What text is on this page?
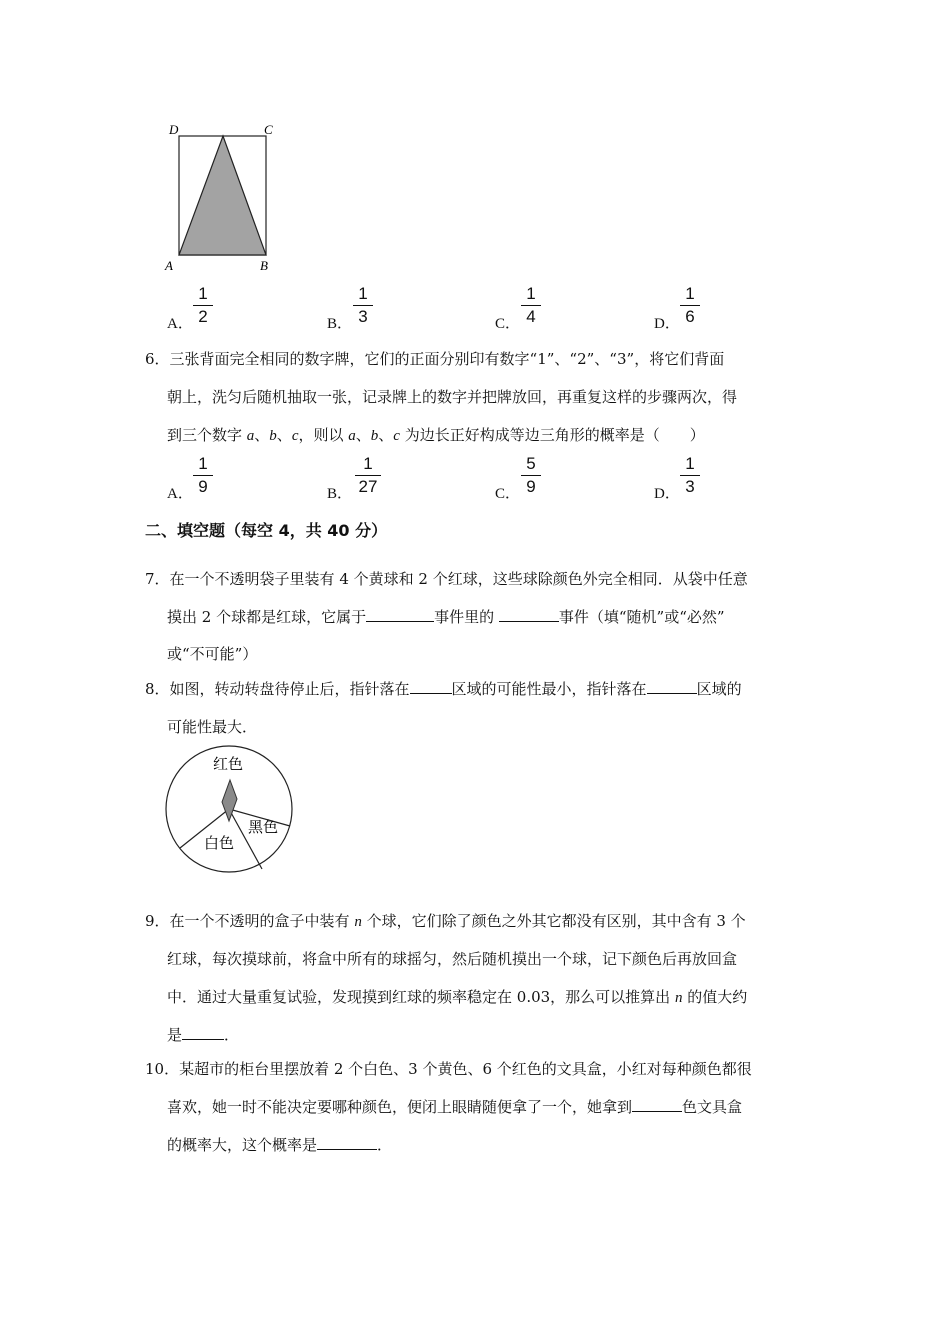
D	C
A	B
A．
1
2	B．
1
3	C．
1
4	D．
1
6
6．三张背面完全相同的数字牌，它们的正面分别印有数字“1”、“2”、“3”，将它们背面
朝上，洗匀后随机抽取一张，记录牌上的数字并把牌放回，再重复这样的步骤两次，得
到三个数字 a、b、c，则以 a、b、c 为边长正好构成等边三角形的概率是（　　）
A．
1
9	B．
1
27	C．
5
9	D．
1
3
二、填空题（每空 4，共 40 分）
7．在一个不透明袋子里装有 4 个黄球和 2 个红球，这些球除颜色外完全相同．从袋中任意
摸出 2 个球都是红球，它属于	事件里的	事件（填“随机”或“必然”
或“不可能”）
8．如图，转动转盘待停止后，指针落在	区域的可能性最小，指针落在	区域的
可能性最大．
红色
黑色
白色
9．在一个不透明的盒子中装有 n 个球，它们除了颜色之外其它都没有区别，其中含有 3 个
红球，每次摸球前，将盒中所有的球摇匀，然后随机摸出一个球，记下颜色后再放回盒
中．通过大量重复试验，发现摸到红球的频率稳定在 0.03，那么可以推算出 n 的值大约
是	．
10．某超市的柜台里摆放着 2 个白色、3 个黄色、6 个红色的文具盒，小红对每种颜色都很
喜欢，她一时不能决定要哪种颜色，便闭上眼睛随便拿了一个，她拿到	色文具盒
的概率大，这个概率是	．
